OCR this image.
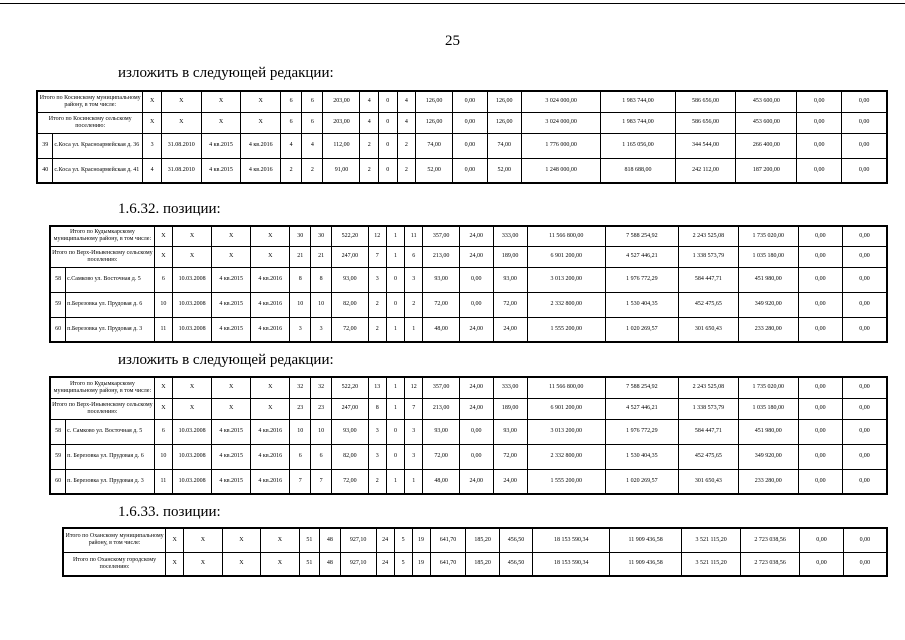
25
изложить в следующей редакции:
Итого по Косинскому муниципальному району, в том числе:		Х	Х	Х	Х	6	6	203,00	4	0	4	126,00	0,00	126,00	3 024 000,00	1 983 744,00	586 656,00	453 600,00	0,00	0,00
Итого по Косинскому сельскому поселению:		Х	Х	Х	Х	6	6	203,00	4	0	4	126,00	0,00	126,00	3 024 000,00	1 983 744,00	586 656,00	453 600,00	0,00	0,00
39	с.Коса ул. Красноармейская д. 36	3	31.08.2010	4 кв.2015	4 кв.2016	4	4	112,00	2	0	2	74,00	0,00	74,00	1 776 000,00	1 165 056,00	344 544,00	266 400,00	0,00	0,00
40	с.Коса ул. Красноармейская д. 41	4	31.08.2010	4 кв.2015	4 кв.2016	2	2	91,00	2	0	2	52,00	0,00	52,00	1 248 000,00	818 688,00	242 112,00	187 200,00	0,00	0,00
1.6.32. позиции:
Итого по Кудымкарскому муниципальному району, в том числе:		Х	Х	Х	Х	30	30	522,20	12	1	11	357,00	24,00	333,00	11 566 800,00	7 588 254,92	2 243 525,08	1 735 020,00	0,00	0,00
Итого по Верх-Иньвенскому сельскому поселению:		Х	Х	Х	Х	21	21	247,00	7	1	6	213,00	24,00	189,00	6 901 200,00	4 527 446,21	1 338 573,79	1 035 180,00	0,00	0,00
58	с.Самково ул. Восточная д. 5	6	10.03.2008	4 кв.2015	4 кв.2016	8	8	93,00	3	0	3	93,00	0,00	93,00	3 013 200,00	1 976 772,29	584 447,71	451 980,00	0,00	0,00
59	п.Березовка ул. Прудовая д. 6	10	10.03.2008	4 кв.2015	4 кв.2016	10	10	82,00	2	0	2	72,00	0,00	72,00	2 332 800,00	1 530 404,35	452 475,65	349 920,00	0,00	0,00
60	п.Березовка ул. Прудовая д. 3	11	10.03.2008	4 кв.2015	4 кв.2016	3	3	72,00	2	1	1	48,00	24,00	24,00	1 555 200,00	1 020 269,57	301 650,43	233 280,00	0,00	0,00
изложить в следующей редакции:
Итого по Кудымкарскому муниципальному району, в том числе:		Х	Х	Х	Х	32	32	522,20	13	1	12	357,00	24,00	333,00	11 566 800,00	7 588 254,92	2 243 525,08	1 735 020,00	0,00	0,00
Итого по Верх-Иньвенскому сельскому поселению:		Х	Х	Х	Х	23	23	247,00	8	1	7	213,00	24,00	189,00	6 901 200,00	4 527 446,21	1 338 573,79	1 035 180,00	0,00	0,00
58	с. Самково ул. Восточная д. 5	6	10.03.2008	4 кв.2015	4 кв.2016	10	10	93,00	3	0	3	93,00	0,00	93,00	3 013 200,00	1 976 772,29	584 447,71	451 980,00	0,00	0,00
59	п. Березовка ул. Прудовая д. 6	10	10.03.2008	4 кв.2015	4 кв.2016	6	6	82,00	3	0	3	72,00	0,00	72,00	2 332 800,00	1 530 404,35	452 475,65	349 920,00	0,00	0,00
60	п. Березовка ул. Прудовая д. 3	11	10.03.2008	4 кв.2015	4 кв.2016	7	7	72,00	2	1	1	48,00	24,00	24,00	1 555 200,00	1 020 269,57	301 650,43	233 280,00	0,00	0,00
1.6.33. позиции:
Итого по Оханскому муниципальному району, в том числе:	Х	Х	Х	Х	51	48	927,10	24	5	19	641,70	185,20	456,50	18 153 590,34	11 909 436,58	3 521 115,20	2 723 038,56	0,00	0,00
Итого по Оханскому городскому поселению:	Х	Х	Х	Х	51	48	927,10	24	5	19	641,70	185,20	456,50	18 153 590,34	11 909 436,58	3 521 115,20	2 723 038,56	0,00	0,00
